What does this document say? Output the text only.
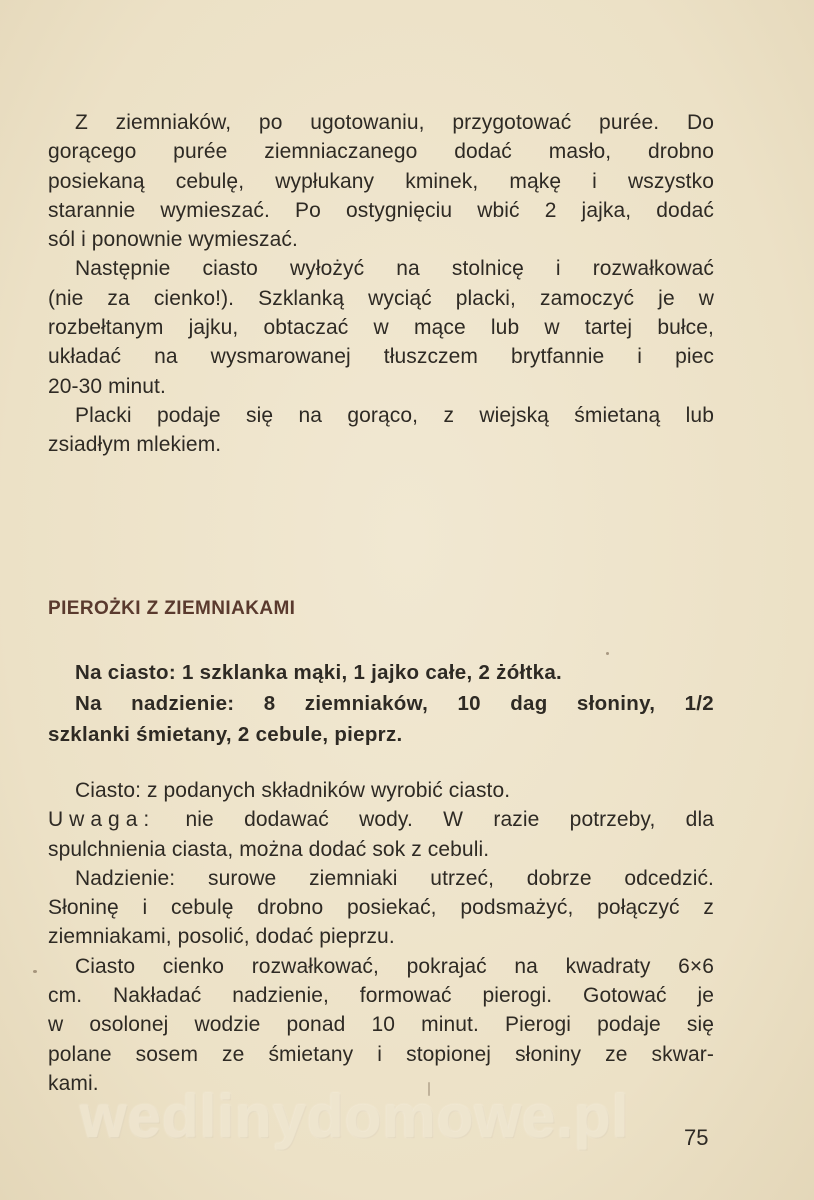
Z ziemniaków, po ugotowaniu, przygotować purée. Do
gorącego purée ziemniaczanego dodać masło, drobno
posiekaną cebulę, wypłukany kminek, mąkę i wszystko
starannie wymieszać. Po ostygnięciu wbić 2 jajka, dodać
sól i ponownie wymieszać.
Następnie ciasto wyłożyć na stolnicę i rozwałkować
(nie za cienko!). Szklanką wyciąć placki, zamoczyć je w
rozbełtanym jajku, obtaczać w mące lub w tartej bułce,
układać na wysmarowanej tłuszczem brytfannie i piec
20-30 minut.
Placki podaje się na gorąco, z wiejską śmietaną lub
zsiadłym mlekiem.
PIEROŻKI Z ZIEMNIAKAMI
Na ciasto: 1 szklanka mąki, 1 jajko całe, 2 żółtka.
Na nadzienie: 8 ziemniaków, 10 dag słoniny, 1/2
szklanki śmietany, 2 cebule, pieprz.
Ciasto: z podanych składników wyrobić ciasto.
Uwaga: nie dodawać wody. W razie potrzeby, dla
spulchnienia ciasta, można dodać sok z cebuli.
Nadzienie: surowe ziemniaki utrzeć, dobrze odcedzić.
Słoninę i cebulę drobno posiekać, podsmażyć, połączyć z
ziemniakami, posolić, dodać pieprzu.
Ciasto cienko rozwałkować, pokrajać na kwadraty 6×6
cm. Nakładać nadzienie, formować pierogi. Gotować je
w osolonej wodzie ponad 10 minut. Pierogi podaje się
polane sosem ze śmietany i stopionej słoniny ze skwar-
kami.
wedlinydomowe.pl 75
